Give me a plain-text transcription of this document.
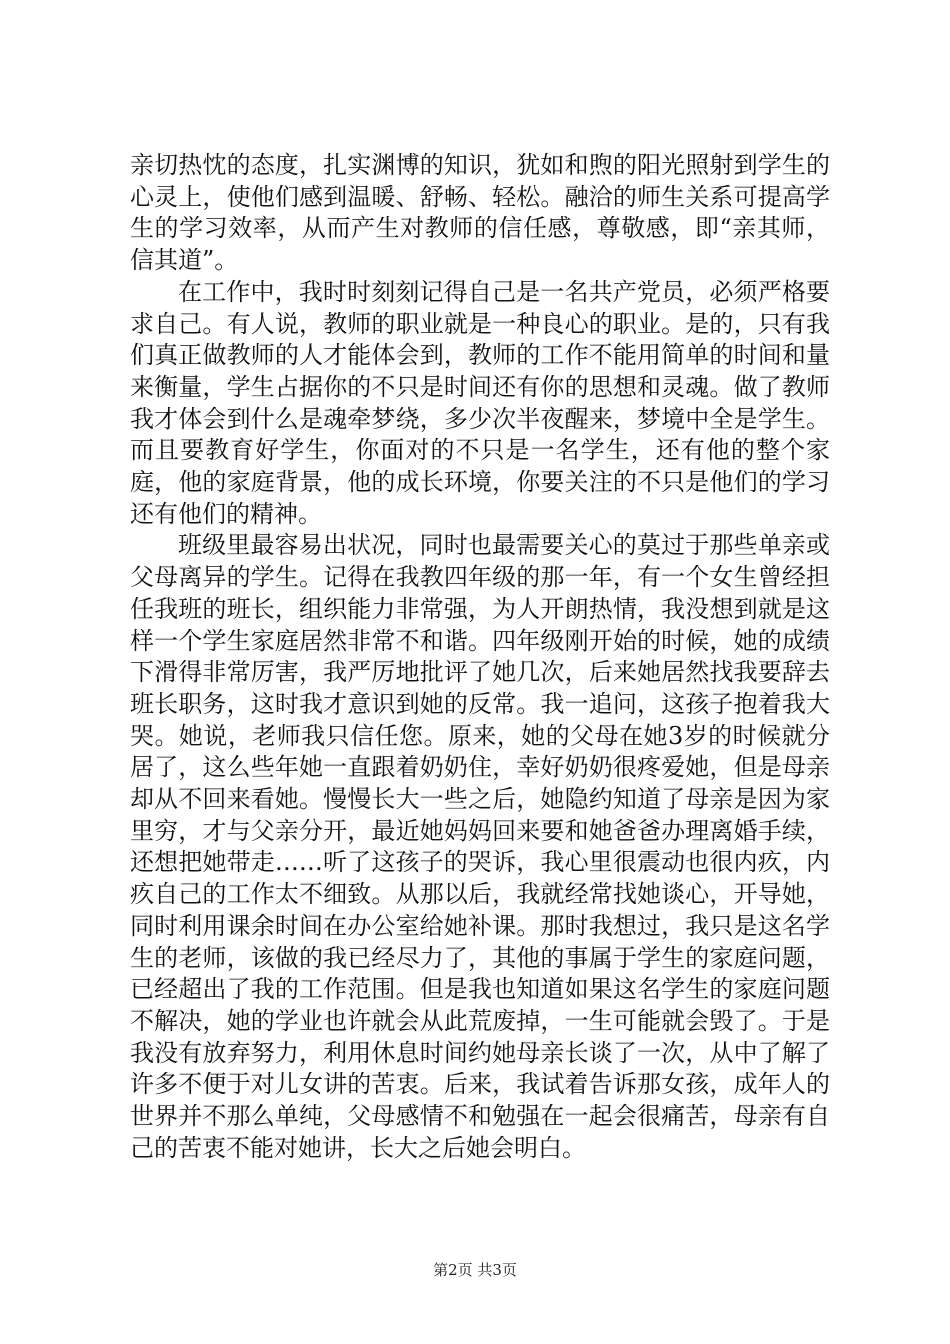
亲切热忱的态度，扎实渊博的知识，犹如和煦的阳光照射到学生的心灵上，使他们感到温暖、舒畅、轻松。融洽的师生关系可提高学生的学习效率，从而产生对教师的信任感，尊敬感，即“亲其师，信其道”。

在工作中，我时时刻刻记得自己是一名共产党员，必须严格要求自己。有人说，教师的职业就是一种良心的职业。是的，只有我们真正做教师的人才能体会到，教师的工作不能用简单的时间和量来衡量，学生占据你的不只是时间还有你的思想和灵魂。做了教师我才体会到什么是魂牵梦绕，多少次半夜醒来，梦境中全是学生。而且要教育好学生，你面对的不只是一名学生，还有他的整个家庭，他的家庭背景，他的成长环境，你要关注的不只是他们的学习还有他们的精神。

班级里最容易出状况，同时也最需要关心的莫过于那些单亲或父母离异的学生。记得在我教四年级的那一年，有一个女生曾经担任我班的班长，组织能力非常强，为人开朗热情，我没想到就是这样一个学生家庭居然非常不和谐。四年级刚开始的时候，她的成绩下滑得非常厉害，我严厉地批评了她几次，后来她居然找我要辞去班长职务，这时我才意识到她的反常。我一追问，这孩子抱着我大哭。她说，老师我只信任您。原来，她的父母在她3岁的时候就分居了，这么些年她一直跟着奶奶住，幸好奶奶很疼爱她，但是母亲却从不回来看她。慢慢长大一些之后，她隐约知道了母亲是因为家里穷，才与父亲分开，最近她妈妈回来要和她爸爸办理离婚手续，还想把她带走……听了这孩子的哭诉，我心里很震动也很内疚，内疚自己的工作太不细致。从那以后，我就经常找她谈心，开导她，同时利用课余时间在办公室给她补课。那时我想过，我只是这名学生的老师，该做的我已经尽力了，其他的事属于学生的家庭问题，已经超出了我的工作范围。但是我也知道如果这名学生的家庭问题不解决，她的学业也许就会从此荒废掉，一生可能就会毁了。于是我没有放弃努力，利用休息时间约她母亲长谈了一次，从中了解了许多不便于对儿女讲的苦衷。后来，我试着告诉那女孩，成年人的世界并不那么单纯，父母感情不和勉强在一起会很痛苦，母亲有自己的苦衷不能对她讲，长大之后她会明白。

第2页 共3页
